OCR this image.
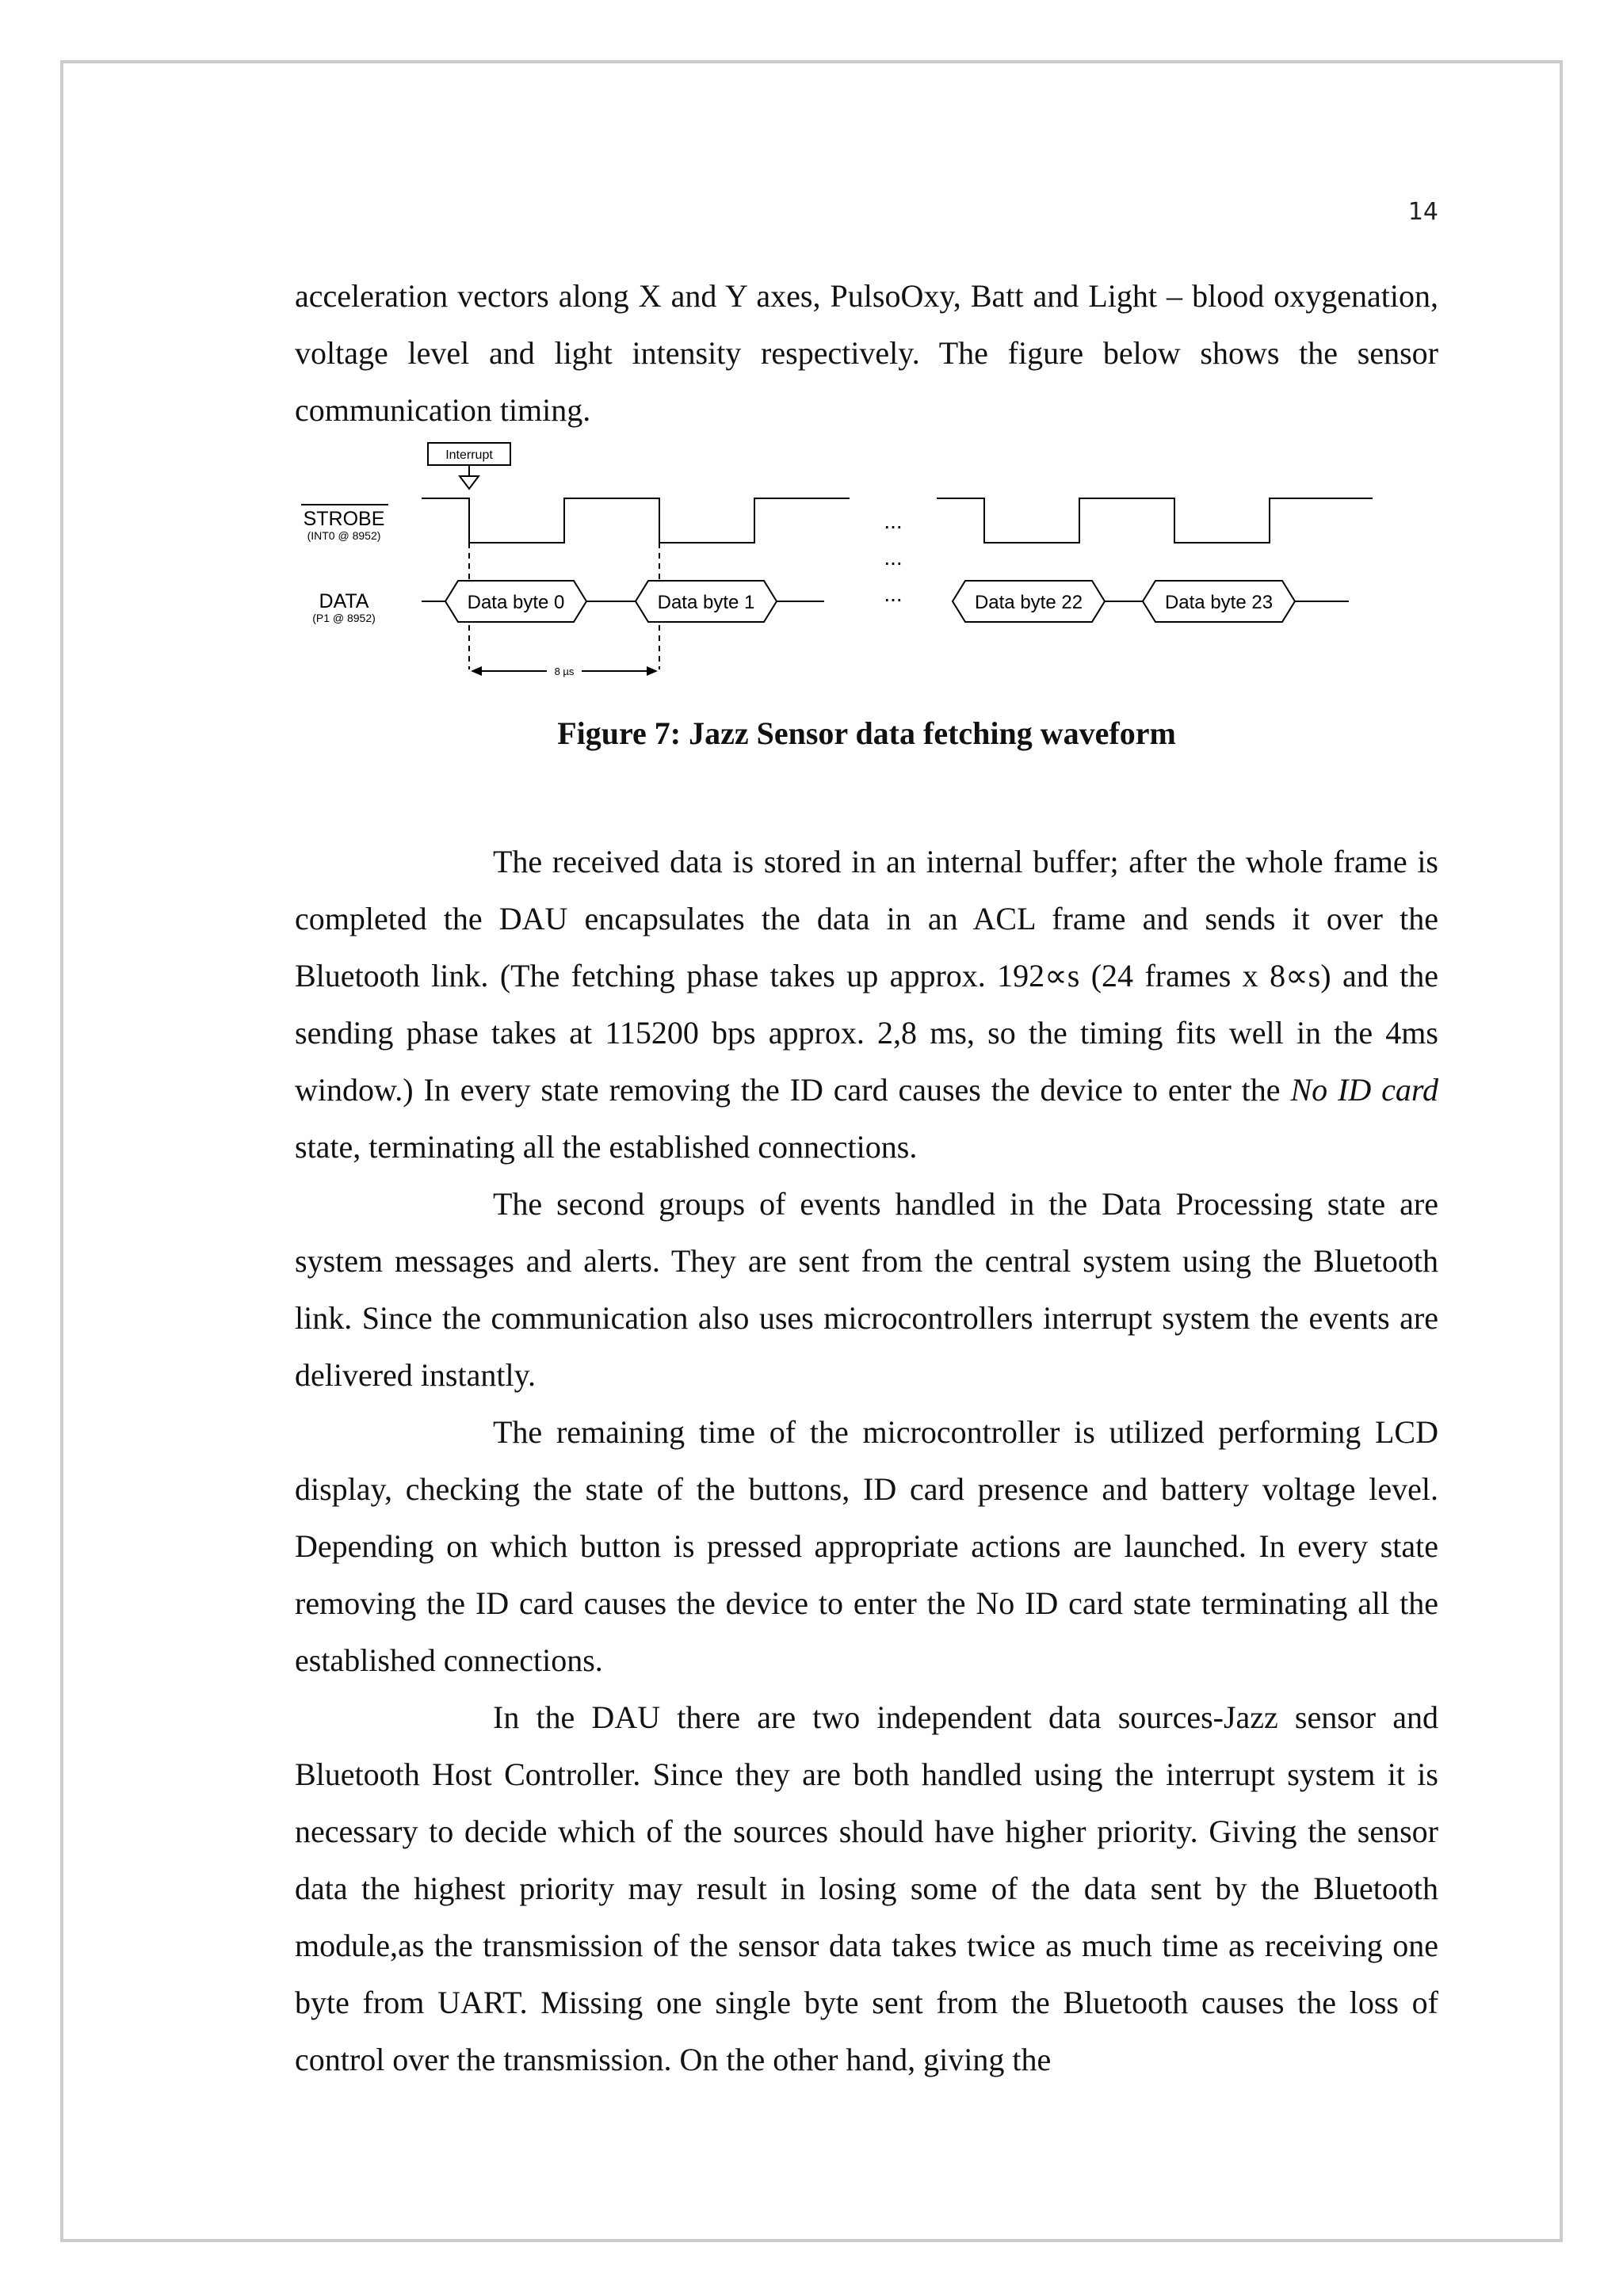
14

acceleration vectors along X and Y axes, PulsoOxy, Batt and Light – blood oxygenation, voltage level and light intensity respectively. The figure below shows the sensor communication timing.

Interrupt
STROBE
(INT0 @ 8952)
DATA
(P1 @ 8952)
...
...
...
Data byte 0	Data byte 1	Data byte 22	Data byte 23
8 µs
Figure 7: Jazz Sensor data fetching waveform

The received data is stored in an internal buffer; after the whole frame is completed the DAU encapsulates the data in an ACL frame and sends it over the Bluetooth link. (The fetching phase takes up approx. 192∝s (24 frames x 8∝s) and the sending phase takes at 115200 bps approx. 2,8 ms, so the timing fits well in the 4ms window.) In every state removing the ID card causes the device to enter the No ID card state, terminating all the established connections.

The second groups of events handled in the Data Processing state are system messages and alerts. They are sent from the central system using the Bluetooth link. Since the communication also uses microcontrollers interrupt system the events are delivered instantly.

The remaining time of the microcontroller is utilized performing LCD display, checking the state of the buttons, ID card presence and battery voltage level. Depending on which button is pressed appropriate actions are launched. In every state removing the ID card causes the device to enter the No ID card state terminating all the established connections.

In the DAU there are two independent data sources-Jazz sensor and Bluetooth Host Controller. Since they are both handled using the interrupt system it is necessary to decide which of the sources should have higher priority. Giving the sensor data the highest priority may result in losing some of the data sent by the Bluetooth module,as the transmission of the sensor data takes twice as much time as receiving one byte from UART. Missing one single byte sent from the Bluetooth causes the loss of control over the transmission. On the other hand, giving the
